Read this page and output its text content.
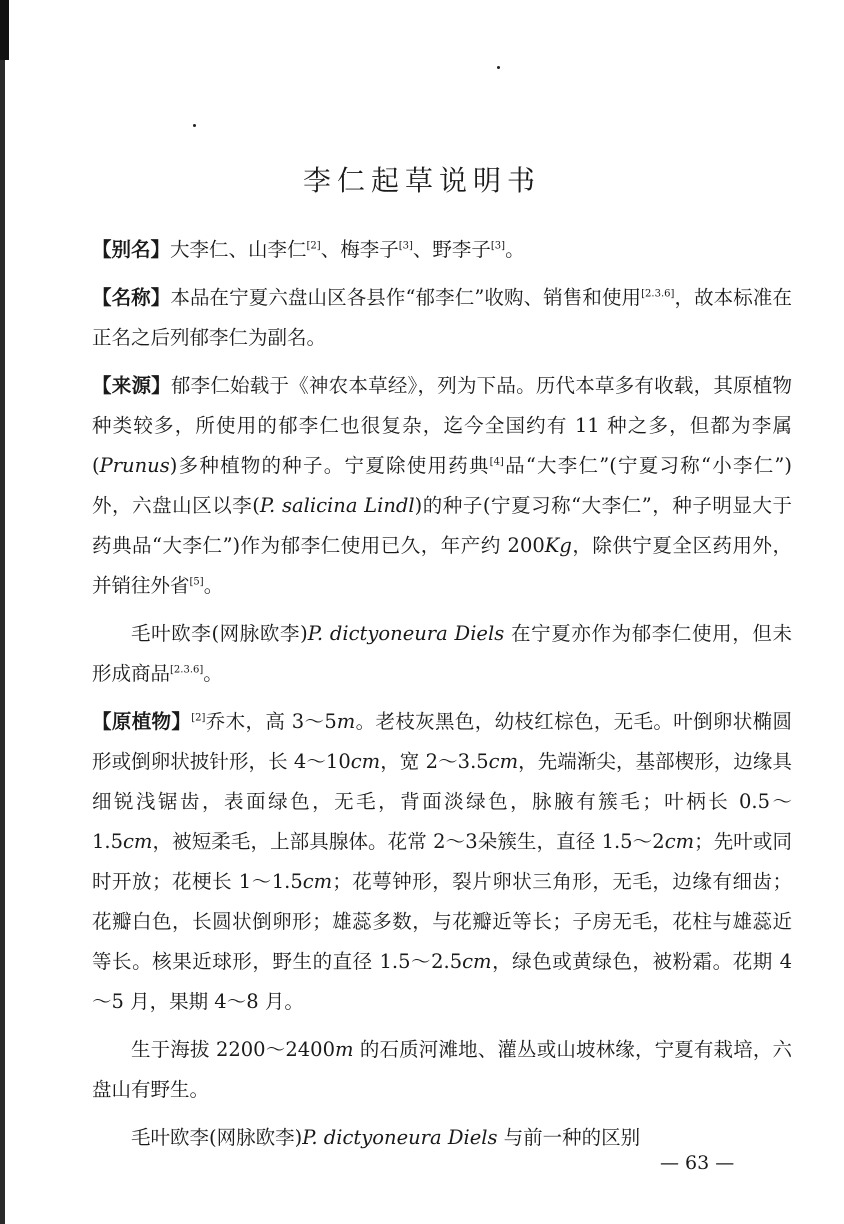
李仁起草说明书

【别名】大李仁、山李仁[2]、梅李子[3]、野李子[3]。

【名称】本品在宁夏六盘山区各县作“郁李仁”收购、销售和使用[2.3.6]，故本标准在正名之后列郁李仁为副名。

【来源】郁李仁始载于《神农本草经》，列为下品。历代本草多有收载，其原植物种类较多，所使用的郁李仁也很复杂，迄今全国约有 11 种之多，但都为李属(Prunus)多种植物的种子。宁夏除使用药典[4]品“大李仁”(宁夏习称“小李仁”)外，六盘山区以李(P. salicina Lindl)的种子(宁夏习称“大李仁”，种子明显大于药典品“大李仁”)作为郁李仁使用已久，年产约 200Kg，除供宁夏全区药用外，并销往外省[5]。

毛叶欧李(网脉欧李)P. dictyoneura Diels 在宁夏亦作为郁李仁使用，但未形成商品[2.3.6]。

【原植物】[2]乔木，高 3～5m。老枝灰黑色，幼枝红棕色，无毛。叶倒卵状椭圆形或倒卵状披针形，长 4～10cm，宽 2～3.5cm，先端渐尖，基部楔形，边缘具细锐浅锯齿，表面绿色，无毛，背面淡绿色，脉腋有簇毛；叶柄长 0.5～1.5cm，被短柔毛，上部具腺体。花常 2～3朵簇生，直径 1.5～2cm；先叶或同时开放；花梗长 1～1.5cm；花萼钟形，裂片卵状三角形，无毛，边缘有细齿；花瓣白色，长圆状倒卵形；雄蕊多数，与花瓣近等长；子房无毛，花柱与雄蕊近等长。核果近球形，野生的直径 1.5～2.5cm，绿色或黄绿色，被粉霜。花期 4～5 月，果期 4～8 月。

生于海拔 2200～2400m 的石质河滩地、灌丛或山坡林缘，宁夏有栽培，六盘山有野生。

毛叶欧李(网脉欧李)P. dictyoneura Diels 与前一种的区别

— 63 —
